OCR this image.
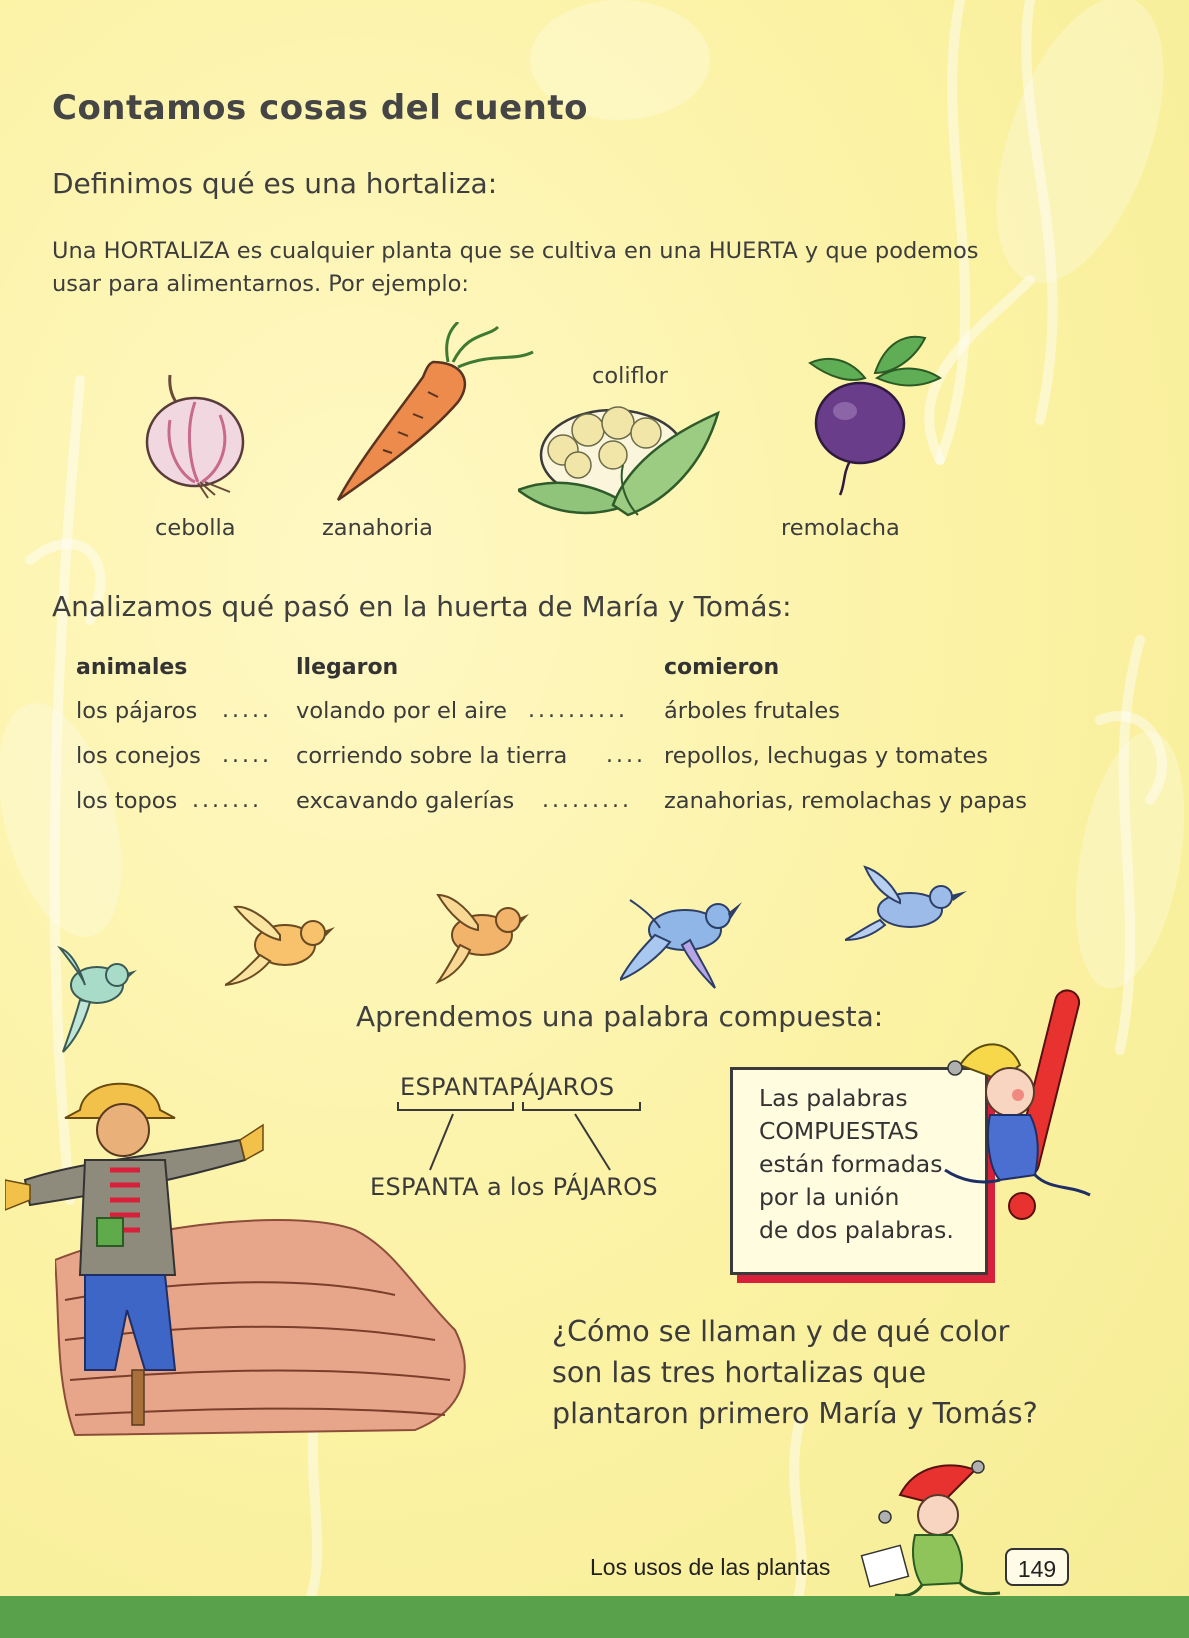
Contamos cosas del cuento
Definimos qué es una hortaliza:
Una HORTALIZA es cualquier planta que se cultiva en una HUERTA y que podemos
usar para alimentarnos. Por ejemplo:
cebolla	zanahoria
coliflor
remolacha
Analizamos qué pasó en la huerta de María y Tomás:
animales	llegaron	comieron
los pájaros ..... volando por el aire .......... árboles frutales
los conejos ..... corriendo sobre la tierra .... repollos, lechugas y tomates
los topos ....... excavando galerías ......... zanahorias, remolachas y papas
Aprendemos una palabra compuesta:
ESPANTAPÁJAROS
ESPANTA a los PÁJAROS
Las palabras
COMPUESTAS
están formadas
por la unión
de dos palabras.
¿Cómo se llaman y de qué color
son las tres hortalizas que
plantaron primero María y Tomás?
Los usos de las plantas	149
